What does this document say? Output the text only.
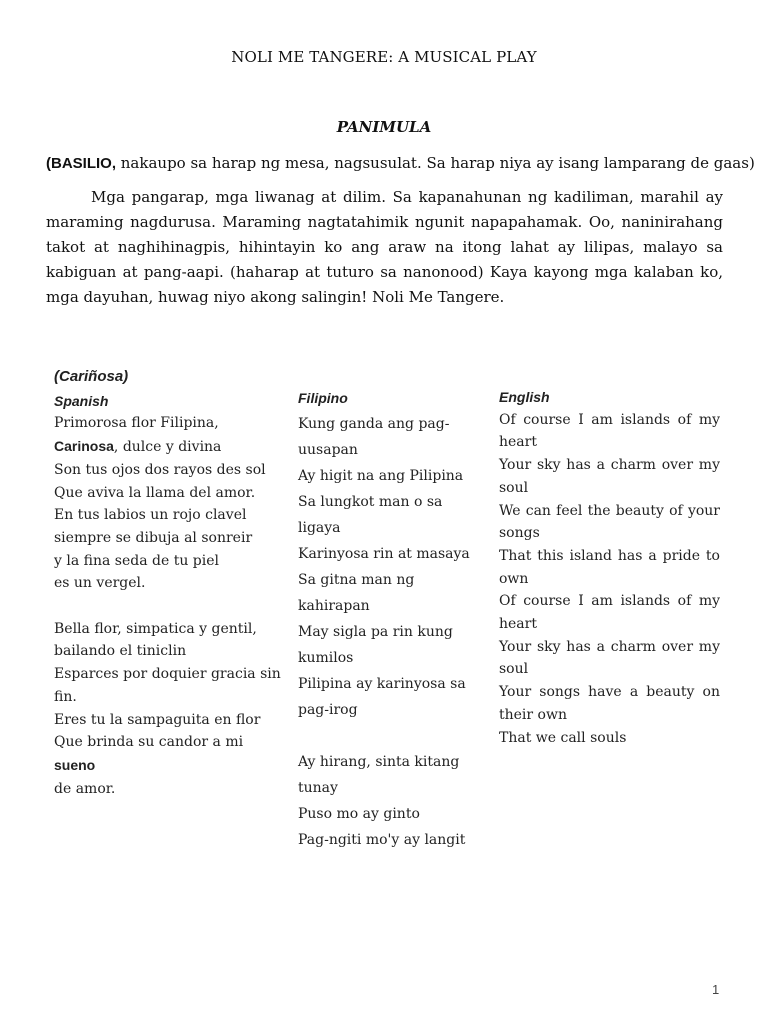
NOLI ME TANGERE: A MUSICAL PLAY
PANIMULA
(BASILIO, nakaupo sa harap ng mesa, nagsusulat. Sa harap niya ay isang lamparang de gaas)

Mga pangarap, mga liwanag at dilim. Sa kapanahunan ng kadiliman, marahil ay maraming nagdurusa. Maraming nagtatahimik ngunit napapahamak. Oo, naninirahang takot at naghihinagpis, hihintayin ko ang araw na itong lahat ay lilipas, malayo sa kabiguan at pang-aapi. (haharap at tuturo sa nanonood) Kaya kayong mga kalaban ko, mga dayuhan, huwag niyo akong salingin! Noli Me Tangere.

(Cariñosa)
Spanish
Primorosa flor Filipina,
Carinosa, dulce y divina
Son tus ojos dos rayos des sol
Que aviva la llama del amor.
En tus labios un rojo clavel
siempre se dibuja al sonreir
y la fina seda de tu piel
es un vergel.
Bella flor, simpatica y gentil,
bailando el tiniclin
Esparces por doquier gracia sin fin.
Eres tu la sampaguita en flor
Que brinda su candor a mi sueno
de amor.
Filipino
Kung ganda ang pag-uusapan
Ay higit na ang Pilipina
Sa lungkot man o sa ligaya
Karinyosa rin at masaya
Sa gitna man ng kahirapan
May sigla pa rin kung kumilos
Pilipina ay karinyosa sa pag-irog
Ay hirang, sinta kitang tunay
Puso mo ay ginto
Pag-ngiti mo'y ay langit
English
Of course I am islands of my heart
Your sky has a charm over my soul
We can feel the beauty of your songs
That this island has a pride to own
Of course I am islands of my heart
Your sky has a charm over my soul
Your songs have a beauty on their own
That we call souls
1
